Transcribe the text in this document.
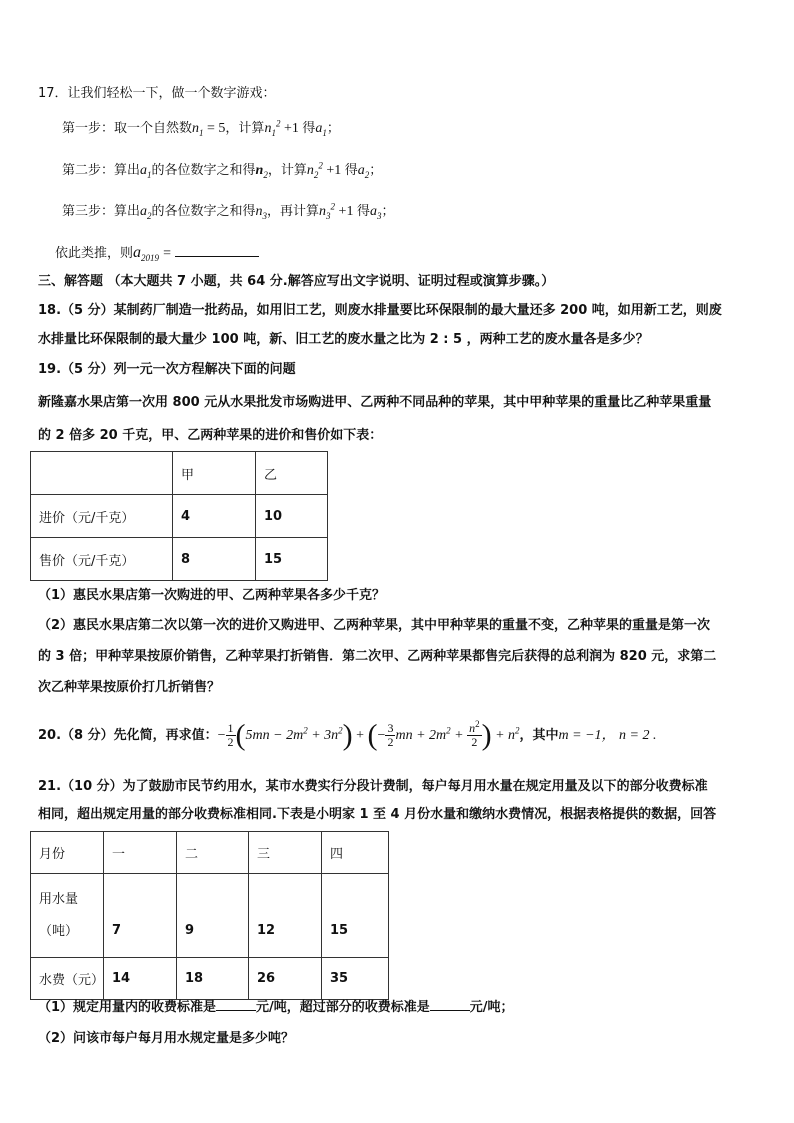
17．让我们轻松一下，做一个数字游戏：
第一步：取一个自然数$n_1 = 5$，计算$n_1^2 +1$ 得$a_1$；
第二步：算出$a_1$的各位数字之和得$n_2$，计算$n_2^2 +1$ 得$a_2$；
第三步：算出$a_2$的各位数字之和得$n_3$，再计算$n_3^2 +1$ 得$a_3$；
依此类推，则$a_{2019}$ =
三、解答题 （本大题共 7 小题，共 64 分.解答应写出文字说明、证明过程或演算步骤。）
18.（5 分）某制药厂制造一批药品，如用旧工艺，则废水排量要比环保限制的最大量还多 200 吨，如用新工艺，则废
水排量比环保限制的最大量少 100 吨，新、旧工艺的废水量之比为 2 : 5 ，两种工艺的废水量各是多少？
19.（5 分）列一元一次方程解决下面的问题
新隆嘉水果店第一次用 800 元从水果批发市场购进甲、乙两种不同品种的苹果，其中甲种苹果的重量比乙种苹果重量
的 2 倍多 20 千克，甲、乙两种苹果的进价和售价如下表：
	甲	乙
进价（元/千克）	4	10
售价（元/千克）	8	15
（1）惠民水果店第一次购进的甲、乙两种苹果各多少千克？
（2）惠民水果店第二次以第一次的进价又购进甲、乙两种苹果，其中甲种苹果的重量不变，乙种苹果的重量是第一次
的 3 倍；甲种苹果按原价销售，乙种苹果打折销售．第二次甲、乙两种苹果都售完后获得的总利润为 820 元，求第二
次乙种苹果按原价打几折销售？
20.（8 分）先化简，再求值：− $\frac{1}{2} (5mn - 2m^2 + 3n^2)$ + (− $\frac{3}{2}$ mn + $2m^2 + \frac{n^2}{2}$ ) + $n^2$，其中m = −1， n = 2 .
21.（10 分）为了鼓励市民节约用水，某市水费实行分段计费制，每户每月用水量在规定用量及以下的部分收费标准
相同，超出规定用量的部分收费标准相同.下表是小明家 1 至 4 月份水量和缴纳水费情况，根据表格提供的数据，回答
月份	一	二	三	四

用水量
（吨）	7	9	12	15
水费（元）	14	18	26	35
（1）规定用量内的收费标准是	元/吨，超过部分的收费标准是	元/吨；
（2）问该市每户每月用水规定量是多少吨？
